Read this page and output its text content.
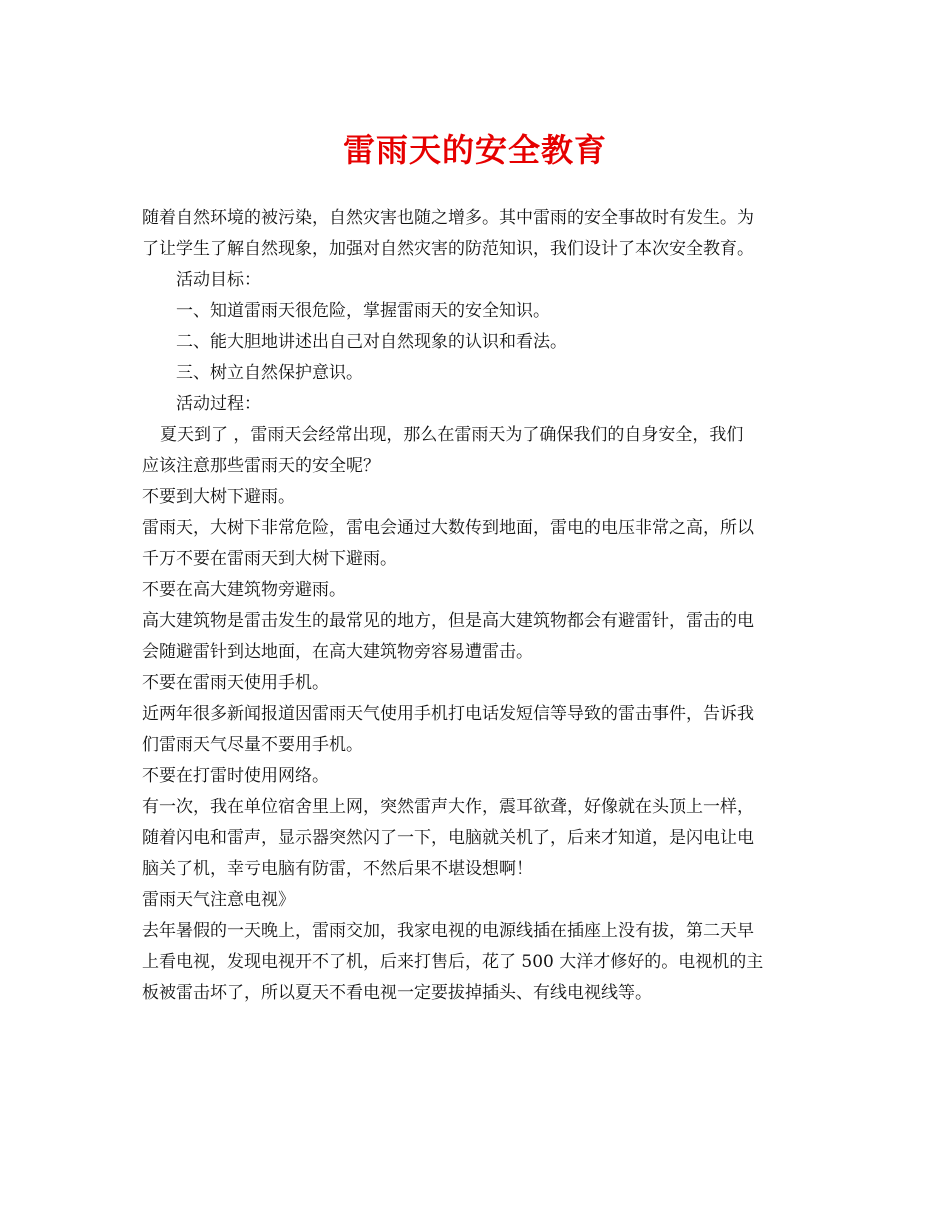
雷雨天的安全教育

随着自然环境的被污染，自然灾害也随之增多。其中雷雨的安全事故时有发生。为

了让学生了解自然现象，加强对自然灾害的防范知识，我们设计了本次安全教育。

活动目标：

一、知道雷雨天很危险，掌握雷雨天的安全知识。

二、能大胆地讲述出自己对自然现象的认识和看法。

三、树立自然保护意识。

活动过程：

夏天到了 ，雷雨天会经常出现，那么在雷雨天为了确保我们的自身安全，我们

应该注意那些雷雨天的安全呢？

不要到大树下避雨。

雷雨天，大树下非常危险，雷电会通过大数传到地面，雷电的电压非常之高，所以

千万不要在雷雨天到大树下避雨。

不要在高大建筑物旁避雨。

高大建筑物是雷击发生的最常见的地方，但是高大建筑物都会有避雷针，雷击的电

会随避雷针到达地面，在高大建筑物旁容易遭雷击。

不要在雷雨天使用手机。

近两年很多新闻报道因雷雨天气使用手机打电话发短信等导致的雷击事件，告诉我

们雷雨天气尽量不要用手机。

不要在打雷时使用网络。

有一次，我在单位宿舍里上网，突然雷声大作，震耳欲聋，好像就在头顶上一样，

随着闪电和雷声，显示器突然闪了一下，电脑就关机了，后来才知道，是闪电让电

脑关了机，幸亏电脑有防雷，不然后果不堪设想啊！

雷雨天气注意电视》

去年暑假的一天晚上，雷雨交加，我家电视的电源线插在插座上没有拔，第二天早

上看电视，发现电视开不了机，后来打售后，花了 500 大洋才修好的。电视机的主

板被雷击坏了，所以夏天不看电视一定要拔掉插头、有线电视线等。
